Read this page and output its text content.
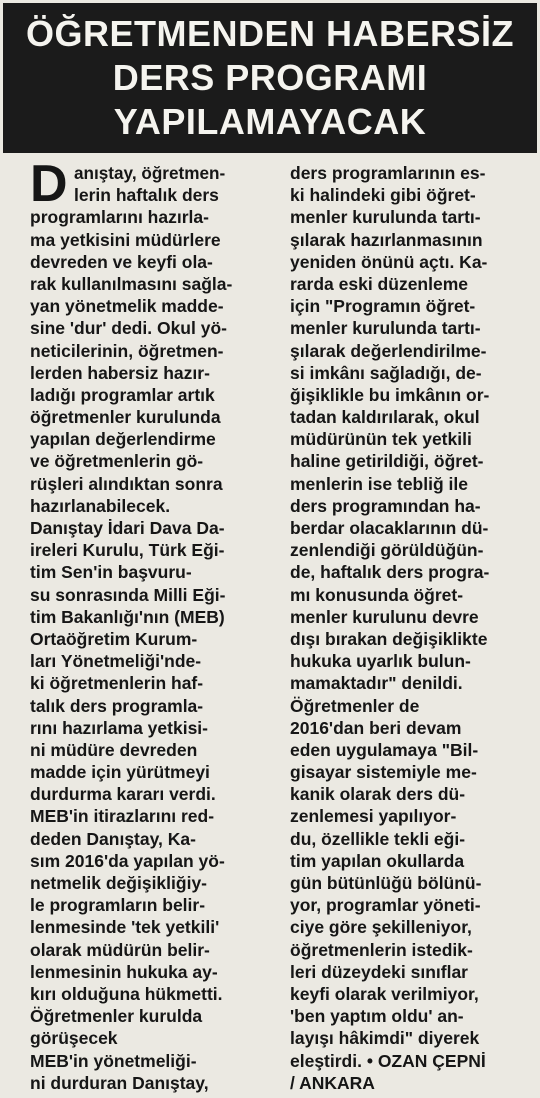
ÖĞRETMENDEN HABERSİZ
DERS PROGRAMI
YAPILAMAYACAK
D anıştay, öğretmen-
lerin haftalık ders
programlarını hazırla-
ma yetkisini müdürlere
devreden ve keyfi ola-
rak kullanılmasını sağla-
yan yönetmelik madde-
sine 'dur' dedi. Okul yö-
neticilerinin, öğretmen-
lerden habersiz hazır-
ladığı programlar artık
öğretmenler kurulunda
yapılan değerlendirme
ve öğretmenlerin gö-
rüşleri alındıktan sonra
hazırlanabilecek.
Danıştay İdari Dava Da-
ireleri Kurulu, Türk Eği-
tim Sen'in başvuru-
su sonrasında Milli Eği-
tim Bakanlığı'nın (MEB)
Ortaöğretim Kurum-
ları Yönetmeliği'nde-
ki öğretmenlerin haf-
talık ders programla-
rını hazırlama yetkisi-
ni müdüre devreden
madde için yürütmeyi
durdurma kararı verdi.
MEB'in itirazlarını red-
deden Danıştay, Ka-
sım 2016'da yapılan yö-
netmelik değişikliğiy-
le programların belir-
lenmesinde 'tek yetkili'
olarak müdürün belir-
lenmesinin hukuka ay-
kırı olduğuna hükmetti.
Öğretmenler kurulda
görüşecek
MEB'in yönetmeliği-
ni durduran Danıştay,
ders programlarının es-
ki halindeki gibi öğret-
menler kurulunda tartı-
şılarak hazırlanmasının
yeniden önünü açtı. Ka-
rarda eski düzenleme
için "Programın öğret-
menler kurulunda tartı-
şılarak değerlendirilme-
si imkânı sağladığı, de-
ğişiklikle bu imkânın or-
tadan kaldırılarak, okul
müdürünün tek yetkili
haline getirildiği, öğret-
menlerin ise tebliğ ile
ders programından ha-
berdar olacaklarının dü-
zenlendiği görüldüğün-
de, haftalık ders progra-
mı konusunda öğret-
menler kurulunu devre
dışı bırakan değişiklikte
hukuka uyarlık bulun-
mamaktadır" denildi.
Öğretmenler de
2016'dan beri devam
eden uygulamaya "Bil-
gisayar sistemiyle me-
kanik olarak ders dü-
zenlemesi yapılıyor-
du, özellikle tekli eği-
tim yapılan okullarda
gün bütünlüğü bölünü-
yor, programlar yöneti-
ciye göre şekilleniyor,
öğretmenlerin istedik-
leri düzeydeki sınıflar
keyfi olarak verilmiyor,
'ben yaptım oldu' an-
layışı hâkimdi" diyerek
eleştirdi. • OZAN ÇEPNİ
/ ANKARA
